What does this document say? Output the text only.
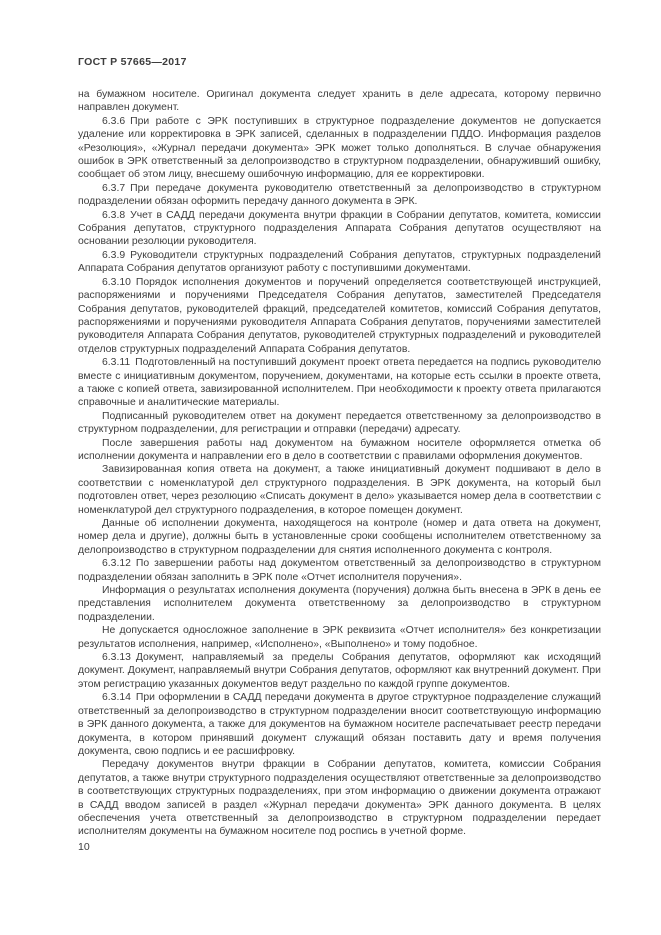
ГОСТ Р 57665—2017

на бумажном носителе. Оригинал документа следует хранить в деле адресата, которому первично направлен документ.

6.3.6 При работе с ЭРК поступивших в структурное подразделение документов не допускается удаление или корректировка в ЭРК записей, сделанных в подразделении ПДДО. Информация разделов «Резолюция», «Журнал передачи документа» ЭРК может только дополняться. В случае обнаружения ошибок в ЭРК ответственный за делопроизводство в структурном подразделении, обнаруживший ошибку, сообщает об этом лицу, внесшему ошибочную информацию, для ее корректировки.

6.3.7 При передаче документа руководителю ответственный за делопроизводство в структурном подразделении обязан оформить передачу данного документа в ЭРК.

6.3.8 Учет в САДД передачи документа внутри фракции в Собрании депутатов, комитета, комиссии Собрания депутатов, структурного подразделения Аппарата Собрания депутатов осуществляют на основании резолюции руководителя.

6.3.9 Руководители структурных подразделений Собрания депутатов, структурных подразделений Аппарата Собрания депутатов организуют работу с поступившими документами.

6.3.10 Порядок исполнения документов и поручений определяется соответствующей инструкцией, распоряжениями и поручениями Председателя Собрания депутатов, заместителей Председателя Собрания депутатов, руководителей фракций, председателей комитетов, комиссий Собрания депутатов, распоряжениями и поручениями руководителя Аппарата Собрания депутатов, поручениями заместителей руководителя Аппарата Собрания депутатов, руководителей структурных подразделений и руководителей отделов структурных подразделений Аппарата Собрания депутатов.

6.3.11 Подготовленный на поступивший документ проект ответа передается на подпись руководителю вместе с инициативным документом, поручением, документами, на которые есть ссылки в проекте ответа, а также с копией ответа, завизированной исполнителем. При необходимости к проекту ответа прилагаются справочные и аналитические материалы.

Подписанный руководителем ответ на документ передается ответственному за делопроизводство в структурном подразделении, для регистрации и отправки (передачи) адресату.

После завершения работы над документом на бумажном носителе оформляется отметка об исполнении документа и направлении его в дело в соответствии с правилами оформления документов.

Завизированная копия ответа на документ, а также инициативный документ подшивают в дело в соответствии с номенклатурой дел структурного подразделения. В ЭРК документа, на который был подготовлен ответ, через резолюцию «Списать документ в дело» указывается номер дела в соответствии с номенклатурой дел структурного подразделения, в которое помещен документ.

Данные об исполнении документа, находящегося на контроле (номер и дата ответа на документ, номер дела и другие), должны быть в установленные сроки сообщены исполнителем ответственному за делопроизводство в структурном подразделении для снятия исполненного документа с контроля.

6.3.12 По завершении работы над документом ответственный за делопроизводство в структурном подразделении обязан заполнить в ЭРК поле «Отчет исполнителя поручения».

Информация о результатах исполнения документа (поручения) должна быть внесена в ЭРК в день ее представления исполнителем документа ответственному за делопроизводство в структурном подразделении.

Не допускается односложное заполнение в ЭРК реквизита «Отчет исполнителя» без конкретизации результатов исполнения, например, «Исполнено», «Выполнено» и тому подобное.

6.3.13 Документ, направляемый за пределы Собрания депутатов, оформляют как исходящий документ. Документ, направляемый внутри Собрания депутатов, оформляют как внутренний документ. При этом регистрацию указанных документов ведут раздельно по каждой группе документов.

6.3.14 При оформлении в САДД передачи документа в другое структурное подразделение служащий ответственный за делопроизводство в структурном подразделении вносит соответствующую информацию в ЭРК данного документа, а также для документов на бумажном носителе распечатывает реестр передачи документа, в котором принявший документ служащий обязан поставить дату и время получения документа, свою подпись и ее расшифровку.

Передачу документов внутри фракции в Собрании депутатов, комитета, комиссии Собрания депутатов, а также внутри структурного подразделения осуществляют ответственные за делопроизводство в соответствующих структурных подразделениях, при этом информацию о движении документа отражают в САДД вводом записей в раздел «Журнал передачи документа» ЭРК данного документа. В целях обеспечения учета ответственный за делопроизводство в структурном подразделении передает исполнителям документы на бумажном носителе под роспись в учетной форме.

10
